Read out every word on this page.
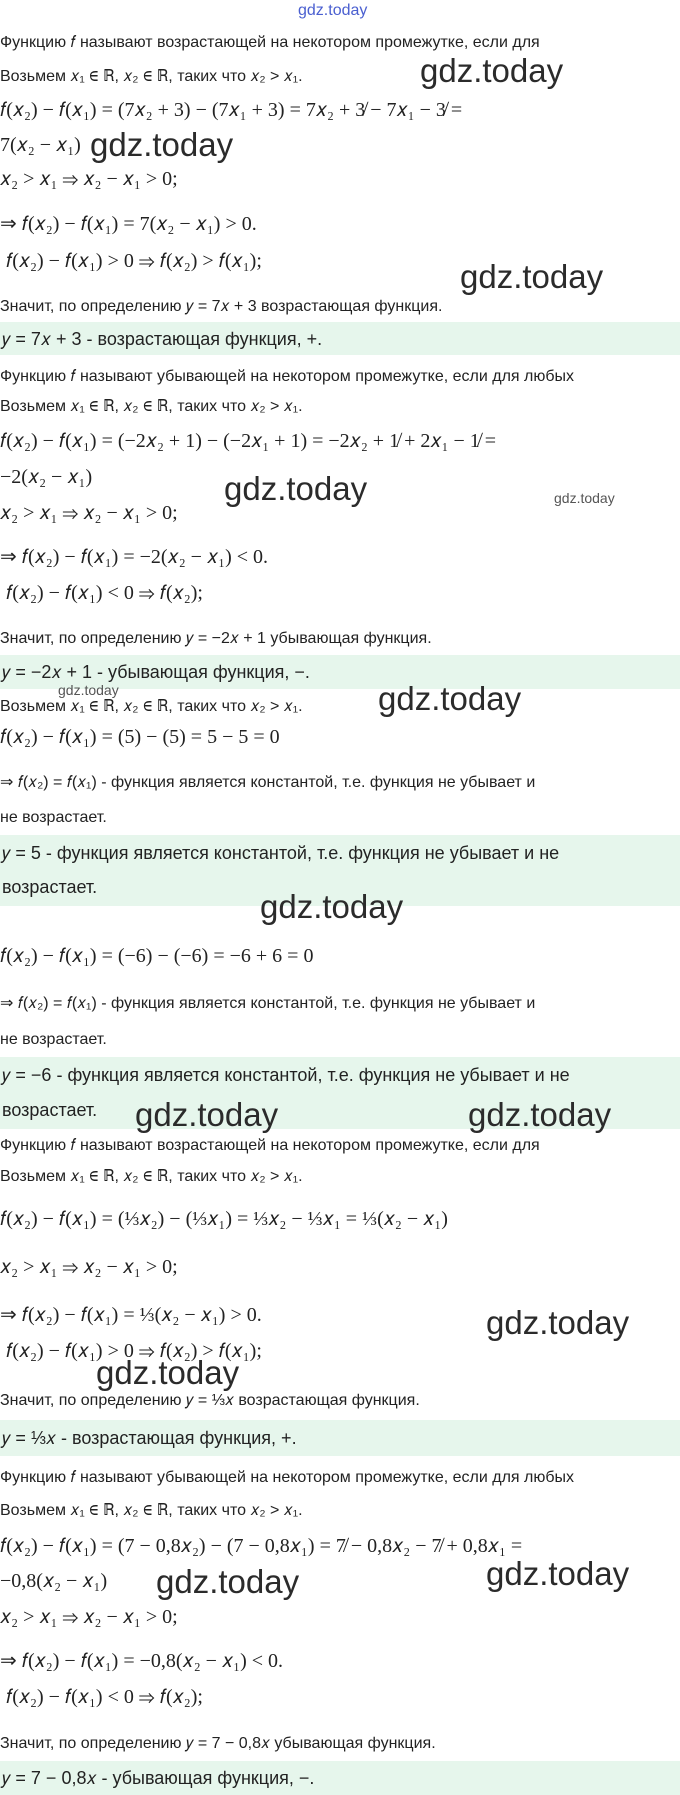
gdz.today
Функцию 𝑓 называют возрастающей на некотором промежутке, если для
Возьмем 𝑥₁ ∈ ℝ, 𝑥₂ ∈ ℝ, таких что 𝑥₂ > 𝑥₁.
𝑓(𝑥₂) − 𝑓(𝑥₁) = (7𝑥₂ + 3) − (7𝑥₁ + 3) = 7𝑥₂ + 3̸ − 7𝑥₁ − 3̸ =
7(𝑥₂ − 𝑥₁)
𝑥₂ > 𝑥₁ ⇒ 𝑥₂ − 𝑥₁ > 0;
⇒ 𝑓(𝑥₂) − 𝑓(𝑥₁) = 7(𝑥₂ − 𝑥₁) > 0.
𝑓(𝑥₂) − 𝑓(𝑥₁) > 0 ⇒ 𝑓(𝑥₂) > 𝑓(𝑥₁);
Значит, по определению 𝑦 = 7𝑥 + 3 возрастающая функция.
𝑦 = 7𝑥 + 3 - возрастающая функция, +.
Функцию 𝑓 называют убывающей на некотором промежутке, если для любых
Возьмем 𝑥₁ ∈ ℝ, 𝑥₂ ∈ ℝ, таких что 𝑥₂ > 𝑥₁.
𝑓(𝑥₂) − 𝑓(𝑥₁) = (−2𝑥₂ + 1) − (−2𝑥₁ + 1) = −2𝑥₂ + 1̸ + 2𝑥₁ − 1̸ =
−2(𝑥₂ − 𝑥₁)
𝑥₂ > 𝑥₁ ⇒ 𝑥₂ − 𝑥₁ > 0;
⇒ 𝑓(𝑥₂) − 𝑓(𝑥₁) = −2(𝑥₂ − 𝑥₁) < 0.
𝑓(𝑥₂) − 𝑓(𝑥₁) < 0 ⇒ 𝑓(𝑥₂);
Значит, по определению 𝑦 = −2𝑥 + 1 убывающая функция.
𝑦 = −2𝑥 + 1 - убывающая функция, −.
Возьмем 𝑥₁ ∈ ℝ, 𝑥₂ ∈ ℝ, таких что 𝑥₂ > 𝑥₁.
𝑓(𝑥₂) − 𝑓(𝑥₁) = (5) − (5) = 5 − 5 = 0
⇒ 𝑓(𝑥₂) = 𝑓(𝑥₁) - функция является константой, т.е. функция не убывает и
не возрастает.
𝑦 = 5 - функция является константой, т.е. функция не убывает и не
возрастает.
𝑓(𝑥₂) − 𝑓(𝑥₁) = (−6) − (−6) = −6 + 6 = 0
⇒ 𝑓(𝑥₂) = 𝑓(𝑥₁) - функция является константой, т.е. функция не убывает и
не возрастает.
𝑦 = −6 - функция является константой, т.е. функция не убывает и не
возрастает.
Функцию 𝑓 называют возрастающей на некотором промежутке, если для
Возьмем 𝑥₁ ∈ ℝ, 𝑥₂ ∈ ℝ, таких что 𝑥₂ > 𝑥₁.
𝑓(𝑥₂) − 𝑓(𝑥₁) = (⅓𝑥₂) − (⅓𝑥₁) = ⅓𝑥₂ − ⅓𝑥₁ = ⅓(𝑥₂ − 𝑥₁)
𝑥₂ > 𝑥₁ ⇒ 𝑥₂ − 𝑥₁ > 0;
⇒ 𝑓(𝑥₂) − 𝑓(𝑥₁) = ⅓(𝑥₂ − 𝑥₁) > 0.
𝑓(𝑥₂) − 𝑓(𝑥₁) > 0 ⇒ 𝑓(𝑥₂) > 𝑓(𝑥₁);
Значит, по определению 𝑦 = ⅓𝑥 возрастающая функция.
𝑦 = ⅓𝑥 - возрастающая функция, +.
Функцию 𝑓 называют убывающей на некотором промежутке, если для любых
Возьмем 𝑥₁ ∈ ℝ, 𝑥₂ ∈ ℝ, таких что 𝑥₂ > 𝑥₁.
𝑓(𝑥₂) − 𝑓(𝑥₁) = (7 − 0,8𝑥₂) − (7 − 0,8𝑥₁) = 7̸ − 0,8𝑥₂ − 7̸ + 0,8𝑥₁ =
−0,8(𝑥₂ − 𝑥₁)
𝑥₂ > 𝑥₁ ⇒ 𝑥₂ − 𝑥₁ > 0;
⇒ 𝑓(𝑥₂) − 𝑓(𝑥₁) = −0,8(𝑥₂ − 𝑥₁) < 0.
𝑓(𝑥₂) − 𝑓(𝑥₁) < 0 ⇒ 𝑓(𝑥₂);
Значит, по определению 𝑦 = 7 − 0,8𝑥 убывающая функция.
𝑦 = 7 − 0,8𝑥 - убывающая функция, −.
gdz.today
gdz.today
gdz.today
gdz.today	gdz.today
gdz.today	gdz.today
gdz.today
gdz.today	gdz.today
gdz.today
gdz.today
gdz.today	gdz.today
